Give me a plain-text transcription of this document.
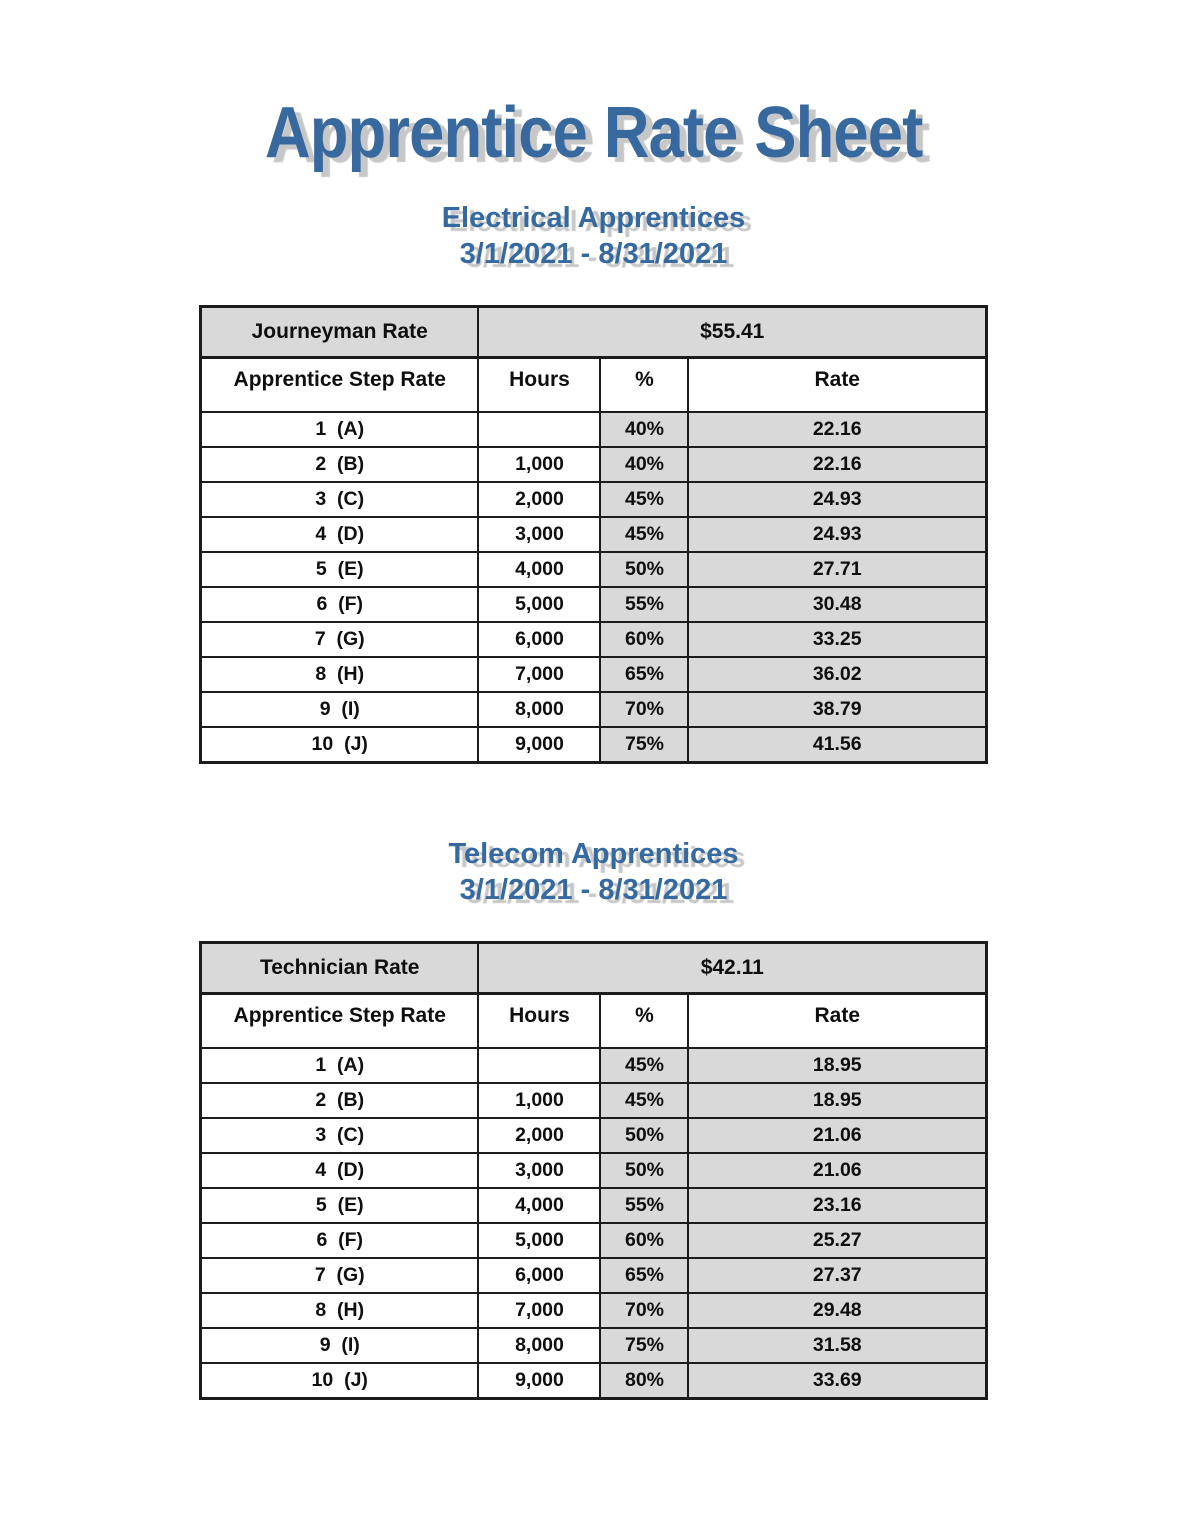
Apprentice Rate Sheet
Electrical Apprentices
3/1/2021 - 8/31/2021
Journeyman Rate	$55.41		
Apprentice Step Rate	Hours	%	Rate
1  (A)		40%	22.16
2  (B)	1,000	40%	22.16
3  (C)	2,000	45%	24.93
4  (D)	3,000	45%	24.93
5  (E)	4,000	50%	27.71
6  (F)	5,000	55%	30.48
7  (G)	6,000	60%	33.25
8  (H)	7,000	65%	36.02
9  (I)	8,000	70%	38.79
10  (J)	9,000	75%	41.56
Telecom Apprentices
3/1/2021 - 8/31/2021
Technician Rate	$42.11		
Apprentice Step Rate	Hours	%	Rate
1  (A)		45%	18.95
2  (B)	1,000	45%	18.95
3  (C)	2,000	50%	21.06
4  (D)	3,000	50%	21.06
5  (E)	4,000	55%	23.16
6  (F)	5,000	60%	25.27
7  (G)	6,000	65%	27.37
8  (H)	7,000	70%	29.48
9  (I)	8,000	75%	31.58
10  (J)	9,000	80%	33.69
